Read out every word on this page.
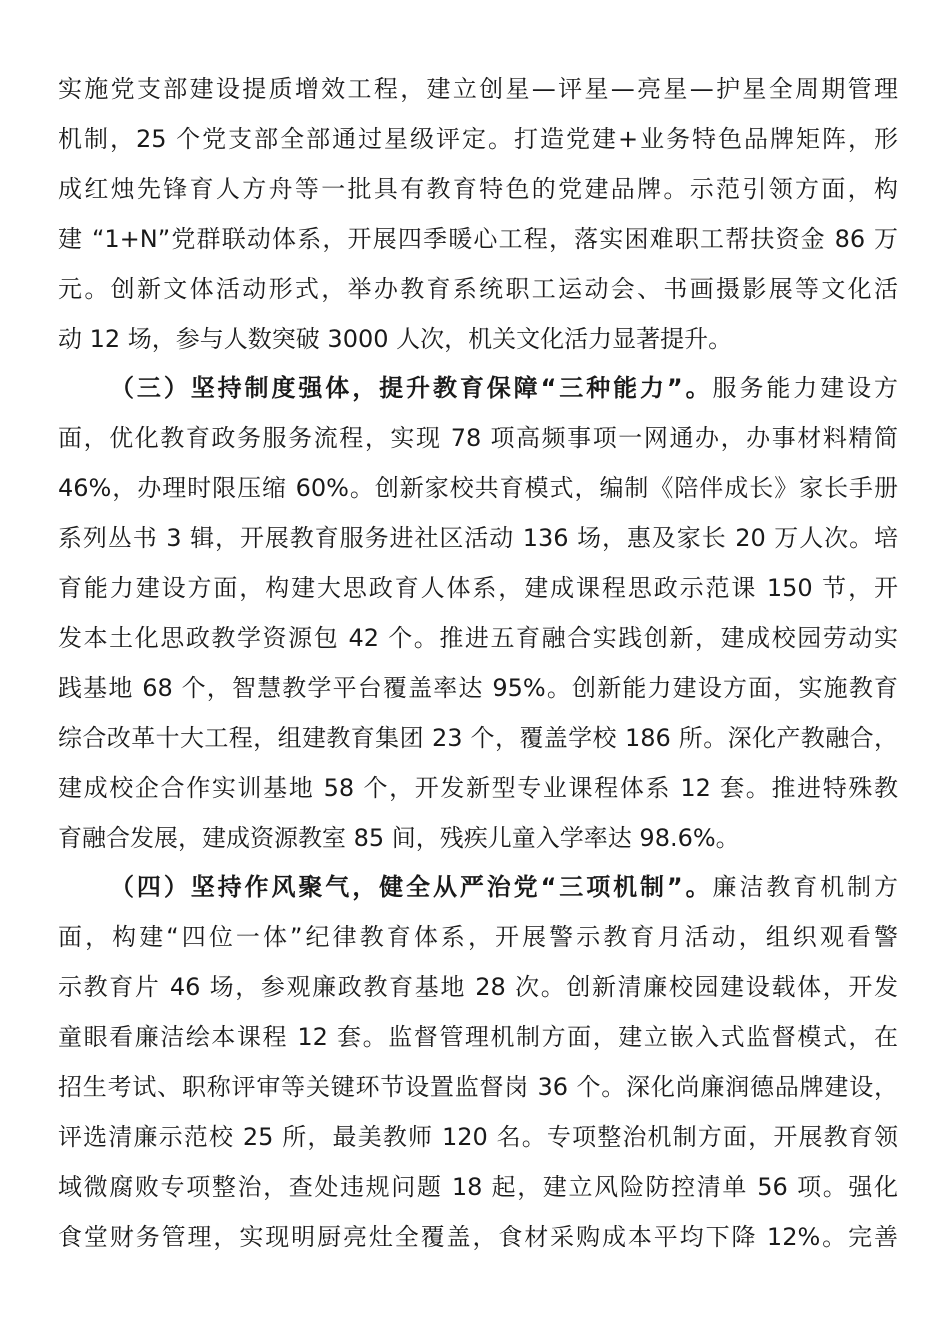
实施党支部建设提质增效工程，建立创星—评星—亮星—护星全周期管理
机制，25 个党支部全部通过星级评定。打造党建+业务特色品牌矩阵，形
成红烛先锋育人方舟等一批具有教育特色的党建品牌。示范引领方面，构
建 “1+N”党群联动体系，开展四季暖心工程，落实困难职工帮扶资金 86 万
元。创新文体活动形式，举办教育系统职工运动会、书画摄影展等文化活
动 12 场，参与人数突破 3000 人次，机关文化活力显著提升。
（三）坚持制度强体，提升教育保障“三种能力”。服务能力建设方
面，优化教育政务服务流程，实现 78 项高频事项一网通办，办事材料精简
46%，办理时限压缩 60%。创新家校共育模式，编制《陪伴成长》家长手册
系列丛书 3 辑，开展教育服务进社区活动 136 场，惠及家长 20 万人次。培
育能力建设方面，构建大思政育人体系，建成课程思政示范课 150 节，开
发本土化思政教学资源包 42 个。推进五育融合实践创新，建成校园劳动实
践基地 68 个，智慧教学平台覆盖率达 95%。创新能力建设方面，实施教育
综合改革十大工程，组建教育集团 23 个，覆盖学校 186 所。深化产教融合，
建成校企合作实训基地 58 个，开发新型专业课程体系 12 套。推进特殊教
育融合发展，建成资源教室 85 间，残疾儿童入学率达 98.6%。
（四）坚持作风聚气，健全从严治党“三项机制”。廉洁教育机制方
面，构建“四位一体”纪律教育体系，开展警示教育月活动，组织观看警
示教育片 46 场，参观廉政教育基地 28 次。创新清廉校园建设载体，开发
童眼看廉洁绘本课程 12 套。监督管理机制方面，建立嵌入式监督模式，在
招生考试、职称评审等关键环节设置监督岗 36 个。深化尚廉润德品牌建设，
评选清廉示范校 25 所，最美教师 120 名。专项整治机制方面，开展教育领
域微腐败专项整治，查处违规问题 18 起，建立风险防控清单 56 项。强化
食堂财务管理，实现明厨亮灶全覆盖，食材采购成本平均下降 12%。完善
